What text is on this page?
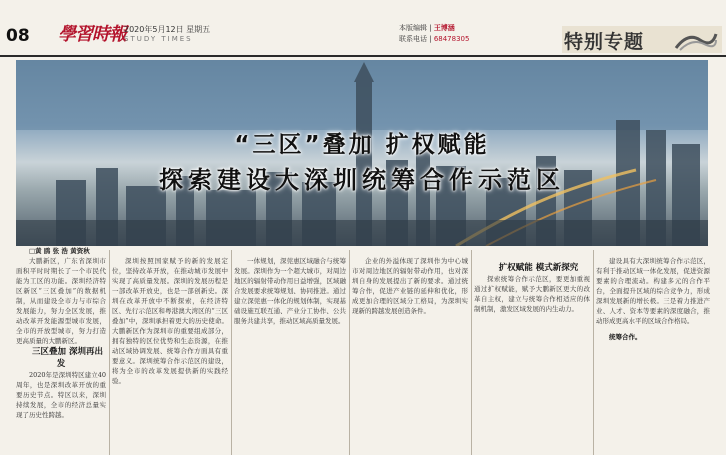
08 學習時報
2020年5月12日 星期五
STUDY TIMES
本版编辑 | 王博涵
联系电话 | 68478305	特别专题
“三区”叠加 扩权赋能
探索建设大深圳统筹合作示范区

□黄 鸥 张 浩 黄资秋

大鹏新区，广东省深圳市面积平时时期长了一个市民代能为工区的功能。深圳经济特区新区“三区叠加”的数据机制，从而建设全市力与市综合发展能力，努力全区发展，推动改革开发能源型城市发展，全市的开放型城市，努力打造更高质量的大鹏新区。

三区叠加 深圳再出发

2020年是深圳特区建立40周年，也是深圳改革开放的重要历史节点。特区以来，深圳持续发展，全市的经济总量实现了历史性跨越。

深圳按照国家赋予的新的发展定位，坚持改革开放，在推动城市发展中实现了高质量发展。深圳的发展历程是一部改革开放史，也是一部创新史。深圳在改革开放中不断探索，在经济特区、先行示范区和粤港澳大湾区的“三区叠加”中，深圳承担着更大的历史使命。大鹏新区作为深圳市的重要组成部分，拥有独特的区位优势和生态资源，在推动区域协调发展、统筹合作方面具有重要意义。深圳统筹合作示范区的建设，将为全市的改革发展提供新的实践经验。

一体规划，深莞惠区域融合与统筹发展。深圳作为一个超大城市，对周边地区的辐射带动作用日益增强，区域融合发展要求统筹规划、协同推进。通过建立深莞惠一体化的规划体制，实现基础设施互联互通、产业分工协作、公共服务共建共享，推动区域高质量发展。

企业的外溢体现了深圳作为中心城市对周边地区的辐射带动作用，也对深圳自身的发展提出了新的要求。通过统筹合作，促进产业链的延伸和优化，形成更加合理的区域分工格局，为深圳实现新的跨越发展创造条件。

扩权赋能 模式新探究

探索统筹合作示范区，要更加重视通过扩权赋能，赋予大鹏新区更大的改革自主权，建立与统筹合作相适应的体制机制，激发区域发展的内生动力。

建设具有大深圳统筹合作示范区，有利于推动区域一体化发展，促进资源要素的合理流动。构建多元的合作平台，全面提升区域的综合竞争力，形成深圳发展新的增长极。三是着力推进产业、人才、资本等要素的深度融合，推动形成更高水平的区域合作格局。

统筹合作。
